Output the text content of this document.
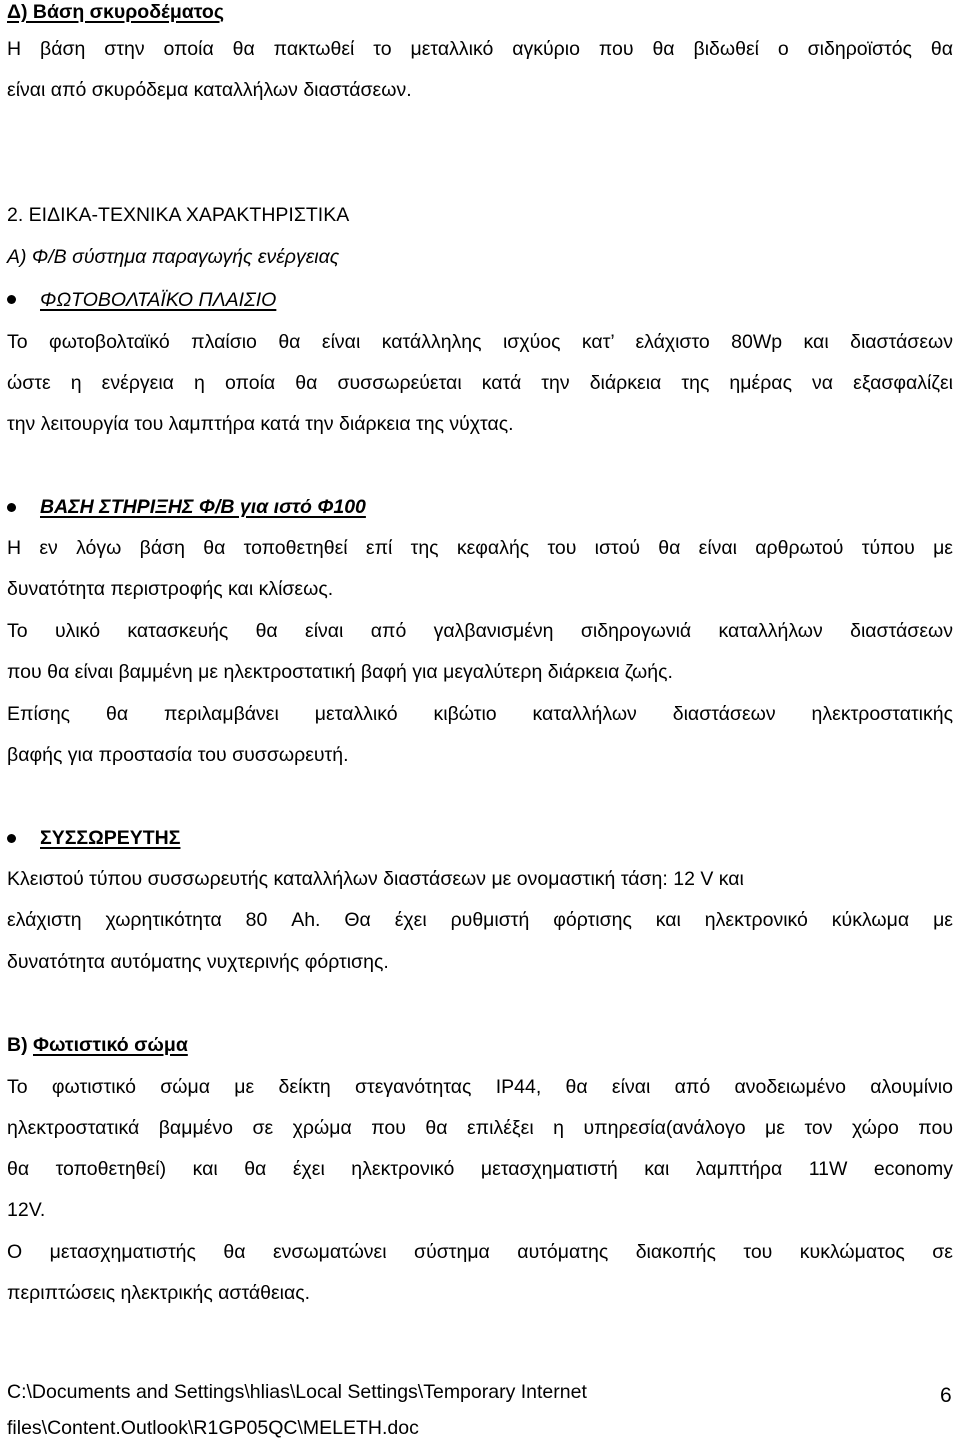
Δ) Βάση σκυροδέματος
Η βάση στην οποία θα πακτωθεί το μεταλλικό αγκύριο που θα βιδωθεί ο σιδηροϊστός θα
είναι από σκυρόδεμα καταλλήλων διαστάσεων.
2. ΕΙΔΙΚΑ-ΤΕΧΝΙΚΑ ΧΑΡΑΚΤΗΡΙΣΤΙΚΑ
Α) Φ/Β σύστημα παραγωγής ενέργειας
ΦΩΤΟΒΟΛΤΑΪΚΟ ΠΛΑΙΣΙΟ
Το φωτοβολταϊκό πλαίσιο θα είναι κατάλληλης ισχύος κατ’ ελάχιστο 80Wp και διαστάσεων
ώστε η ενέργεια η οποία θα συσσωρεύεται κατά την διάρκεια της ημέρας να εξασφαλίζει
την λειτουργία του λαμπτήρα κατά την διάρκεια της νύχτας.
ΒΑΣΗ ΣΤΗΡΙΞΗΣ Φ/Β για ιστό Φ100
Η εν λόγω βάση θα τοποθετηθεί επί της κεφαλής του ιστού θα είναι αρθρωτού τύπου με
δυνατότητα περιστροφής και κλίσεως.
Το υλικό κατασκευής θα είναι από γαλβανισμένη σιδηρογωνιά καταλλήλων διαστάσεων
που θα είναι βαμμένη με ηλεκτροστατική βαφή για μεγαλύτερη διάρκεια ζωής.
Επίσης θα περιλαμβάνει μεταλλικό κιβώτιο καταλλήλων διαστάσεων ηλεκτροστατικής
βαφής για προστασία του συσσωρευτή.
ΣΥΣΣΩΡΕΥΤΗΣ
Κλειστού τύπου συσσωρευτής καταλλήλων διαστάσεων με ονομαστική τάση: 12 V και
ελάχιστη χωρητικότητα 80 Ah. Θα έχει ρυθμιστή φόρτισης και ηλεκτρονικό κύκλωμα με
δυνατότητα αυτόματης νυχτερινής φόρτισης.
Β) Φωτιστικό σώμα
Το φωτιστικό σώμα με δείκτη στεγανότητας IP44, θα είναι από ανοδειωμένο αλουμίνιο
ηλεκτροστατικά βαμμένο σε χρώμα που θα επιλέξει η υπηρεσία(ανάλογο με τον χώρο που
θα τοποθετηθεί) και θα έχει ηλεκτρονικό μετασχηματιστή και λαμπτήρα 11W economy
12V.
Ο μετασχηματιστής θα ενσωματώνει σύστημα αυτόματης διακοπής του κυκλώματος σε
περιπτώσεις ηλεκτρικής αστάθειας.
C:\Documents and Settings\hlias\Local Settings\Temporary Internet
files\Content.Outlook\R1GP05QC\MELETH.doc
6
